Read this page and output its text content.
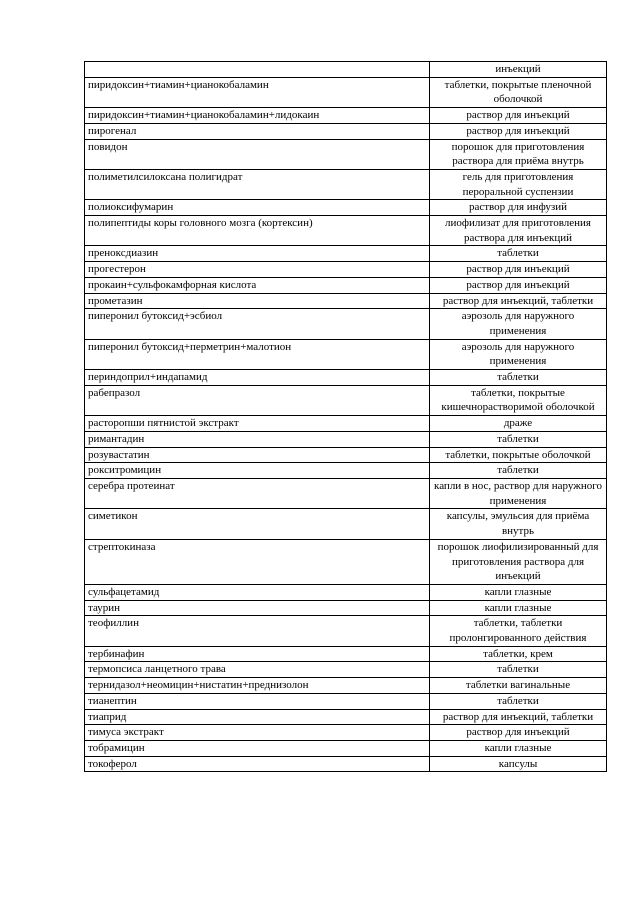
	инъекций
пиридоксин+тиамин+цианокобаламин	таблетки, покрытые пленочной оболочкой
пиридоксин+тиамин+цианокобаламин+лидокаин	раствор для инъекций
пирогенал	раствор для инъекций
повидон	порошок для приготовления раствора для приёма внутрь
полиметилсилоксана полигидрат	гель для приготовления пероральной суспензии
полиоксифумарин	раствор для инфузий
полипептиды коры головного мозга (кортексин)	лиофилизат для приготовления раствора для инъекций
преноксдиазин	таблетки
прогестерон	раствор для инъекций
прокаин+сульфокамфорная кислота	раствор для инъекций
прометазин	раствор для инъекций, таблетки
пиперонил бутоксид+эсбиол	аэрозоль для наружного применения
пиперонил бутоксид+перметрин+малотион	аэрозоль для наружного применения
периндоприл+индапамид	таблетки
рабепразол	таблетки, покрытые кишечнорастворимой оболочкой
расторопши пятнистой экстракт	драже
римантадин	таблетки
розувастатин	таблетки, покрытые оболочкой
рокситромицин	таблетки
серебра протеинат	капли в нос, раствор для наружного применения
симетикон	капсулы, эмульсия для приёма внутрь
стрептокиназа	порошок лиофилизированный для приготовления раствора для инъекций
сульфацетамид	капли глазные
таурин	капли глазные
теофиллин	таблетки, таблетки пролонгированного действия
тербинафин	таблетки, крем
термопсиса ланцетного трава	таблетки
тернидазол+неомицин+нистатин+преднизолон	таблетки вагинальные
тианептин	таблетки
тиаприд	раствор для инъекций, таблетки
тимуса экстракт	раствор для инъекций
тобрамицин	капли глазные
токоферол	капсулы
